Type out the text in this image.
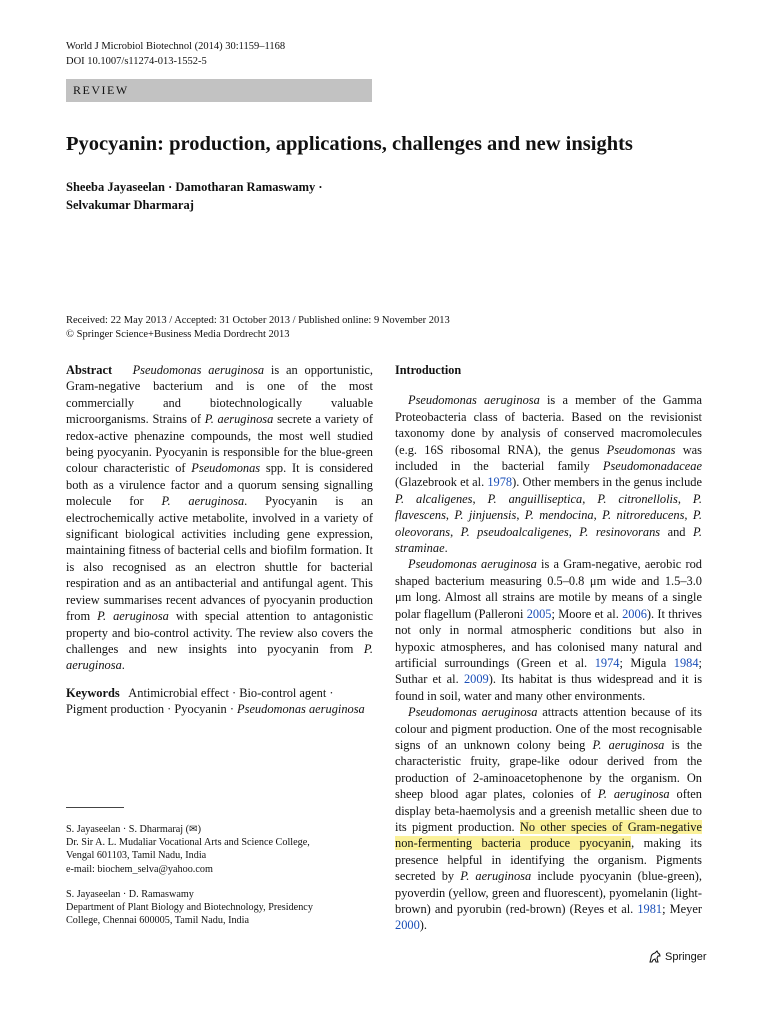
World J Microbiol Biotechnol (2014) 30:1159–1168
DOI 10.1007/s11274-013-1552-5
REVIEW
Pyocyanin: production, applications, challenges and new insights
Sheeba Jayaseelan · Damotharan Ramaswamy ·
Selvakumar Dharmaraj
Received: 22 May 2013 / Accepted: 31 October 2013 / Published online: 9 November 2013
© Springer Science+Business Media Dordrecht 2013

Abstract Pseudomonas aeruginosa is an opportunistic, Gram-negative bacterium and is one of the most commercially and biotechnologically valuable microorganisms. Strains of P. aeruginosa secrete a variety of redox-active phenazine compounds, the most well studied being pyocyanin. Pyocyanin is responsible for the blue-green colour characteristic of Pseudomonas spp. It is considered both as a virulence factor and a quorum sensing signalling molecule for P. aeruginosa. Pyocyanin is an electrochemically active metabolite, involved in a variety of significant biological activities including gene expression, maintaining fitness of bacterial cells and biofilm formation. It is also recognised as an electron shuttle for bacterial respiration and as an antibacterial and antifungal agent. This review summarises recent advances of pyocyanin production from P. aeruginosa with special attention to antagonistic property and bio-control activity. The review also covers the challenges and new insights into pyocyanin from P. aeruginosa.

Keywords   Antimicrobial effect · Bio-control agent · Pigment production · Pyocyanin · Pseudomonas aeruginosa

S. Jayaseelan · S. Dharmaraj (✉)
Dr. Sir A. L. Mudaliar Vocational Arts and Science College,
Vengal 601103, Tamil Nadu, India
e-mail: biochem_selva@yahoo.com
S. Jayaseelan · D. Ramaswamy
Department of Plant Biology and Biotechnology, Presidency
College, Chennai 600005, Tamil Nadu, India
Introduction

Pseudomonas aeruginosa is a member of the Gamma Proteobacteria class of bacteria. Based on the revisionist taxonomy done by analysis of conserved macromolecules (e.g. 16S ribosomal RNA), the genus Pseudomonas was included in the bacterial family Pseudomonadaceae (Glazebrook et al. 1978). Other members in the genus include P. alcaligenes, P. anguilliseptica, P. citronellolis, P. flavescens, P. jinjuensis, P. mendocina, P. nitroreducens, P. oleovorans, P. pseudoalcaligenes, P. resinovorans and P. straminae.

Pseudomonas aeruginosa is a Gram-negative, aerobic rod shaped bacterium measuring 0.5–0.8 μm wide and 1.5–3.0 μm long. Almost all strains are motile by means of a single polar flagellum (Palleroni 2005; Moore et al. 2006). It thrives not only in normal atmospheric conditions but also in hypoxic atmospheres, and has colonised many natural and artificial surroundings (Green et al. 1974; Migula 1984; Suthar et al. 2009). Its habitat is thus widespread and it is found in soil, water and many other environments.

Pseudomonas aeruginosa attracts attention because of its colour and pigment production. One of the most recognisable signs of an unknown colony being P. aeruginosa is the characteristic fruity, grape-like odour derived from the production of 2-aminoacetophenone by the organism. On sheep blood agar plates, colonies of P. aeruginosa often display beta-haemolysis and a greenish metallic sheen due to its pigment production. No other species of Gram-negative non-fermenting bacteria produce pyocyanin, making its presence helpful in identifying the organism. Pigments secreted by P. aeruginosa include pyocyanin (blue-green), pyoverdin (yellow, green and fluorescent), pyomelanin (light-brown) and pyorubin (red-brown) (Reyes et al. 1981; Meyer 2000).

Springer
